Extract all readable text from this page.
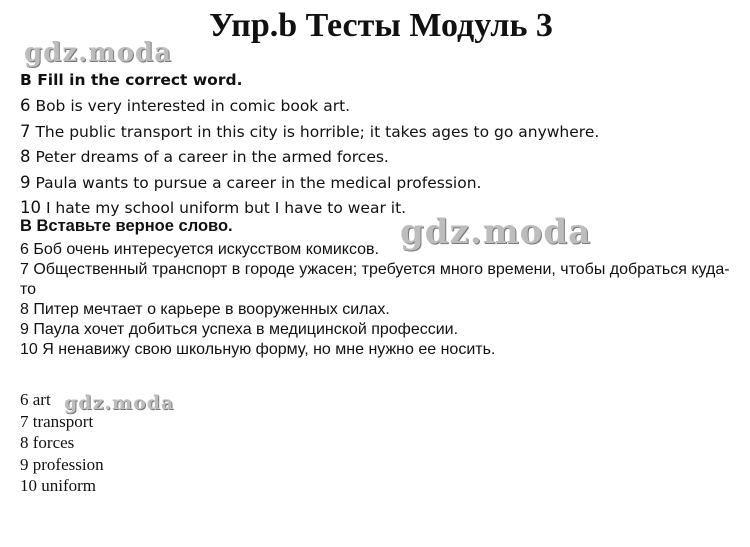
Упр.b Тесты Модуль 3
gdz.moda
B Fill in the correct word.
6 Bob is very interested in comic book art.
7 The public transport in this city is horrible; it takes ages to go anywhere.
8 Peter dreams of a career in the armed forces.
9 Paula wants to pursue a career in the medical profession.
10 I hate my school uniform but I have to wear it.
В Вставьте верное слово.	gdz.moda

6 Боб очень интересуется искусством комиксов.

7 Общественный транспорт в городе ужасен; требуется много времени, чтобы добраться куда-то

8 Питер мечтает о карьере в вооруженных силах.

9 Паула хочет добиться успеха в медицинской профессии.

10 Я ненавижу свою школьную форму, но мне нужно ее носить.

6 art
7 transport
8 forces
9 profession
10 uniform
gdz.moda
